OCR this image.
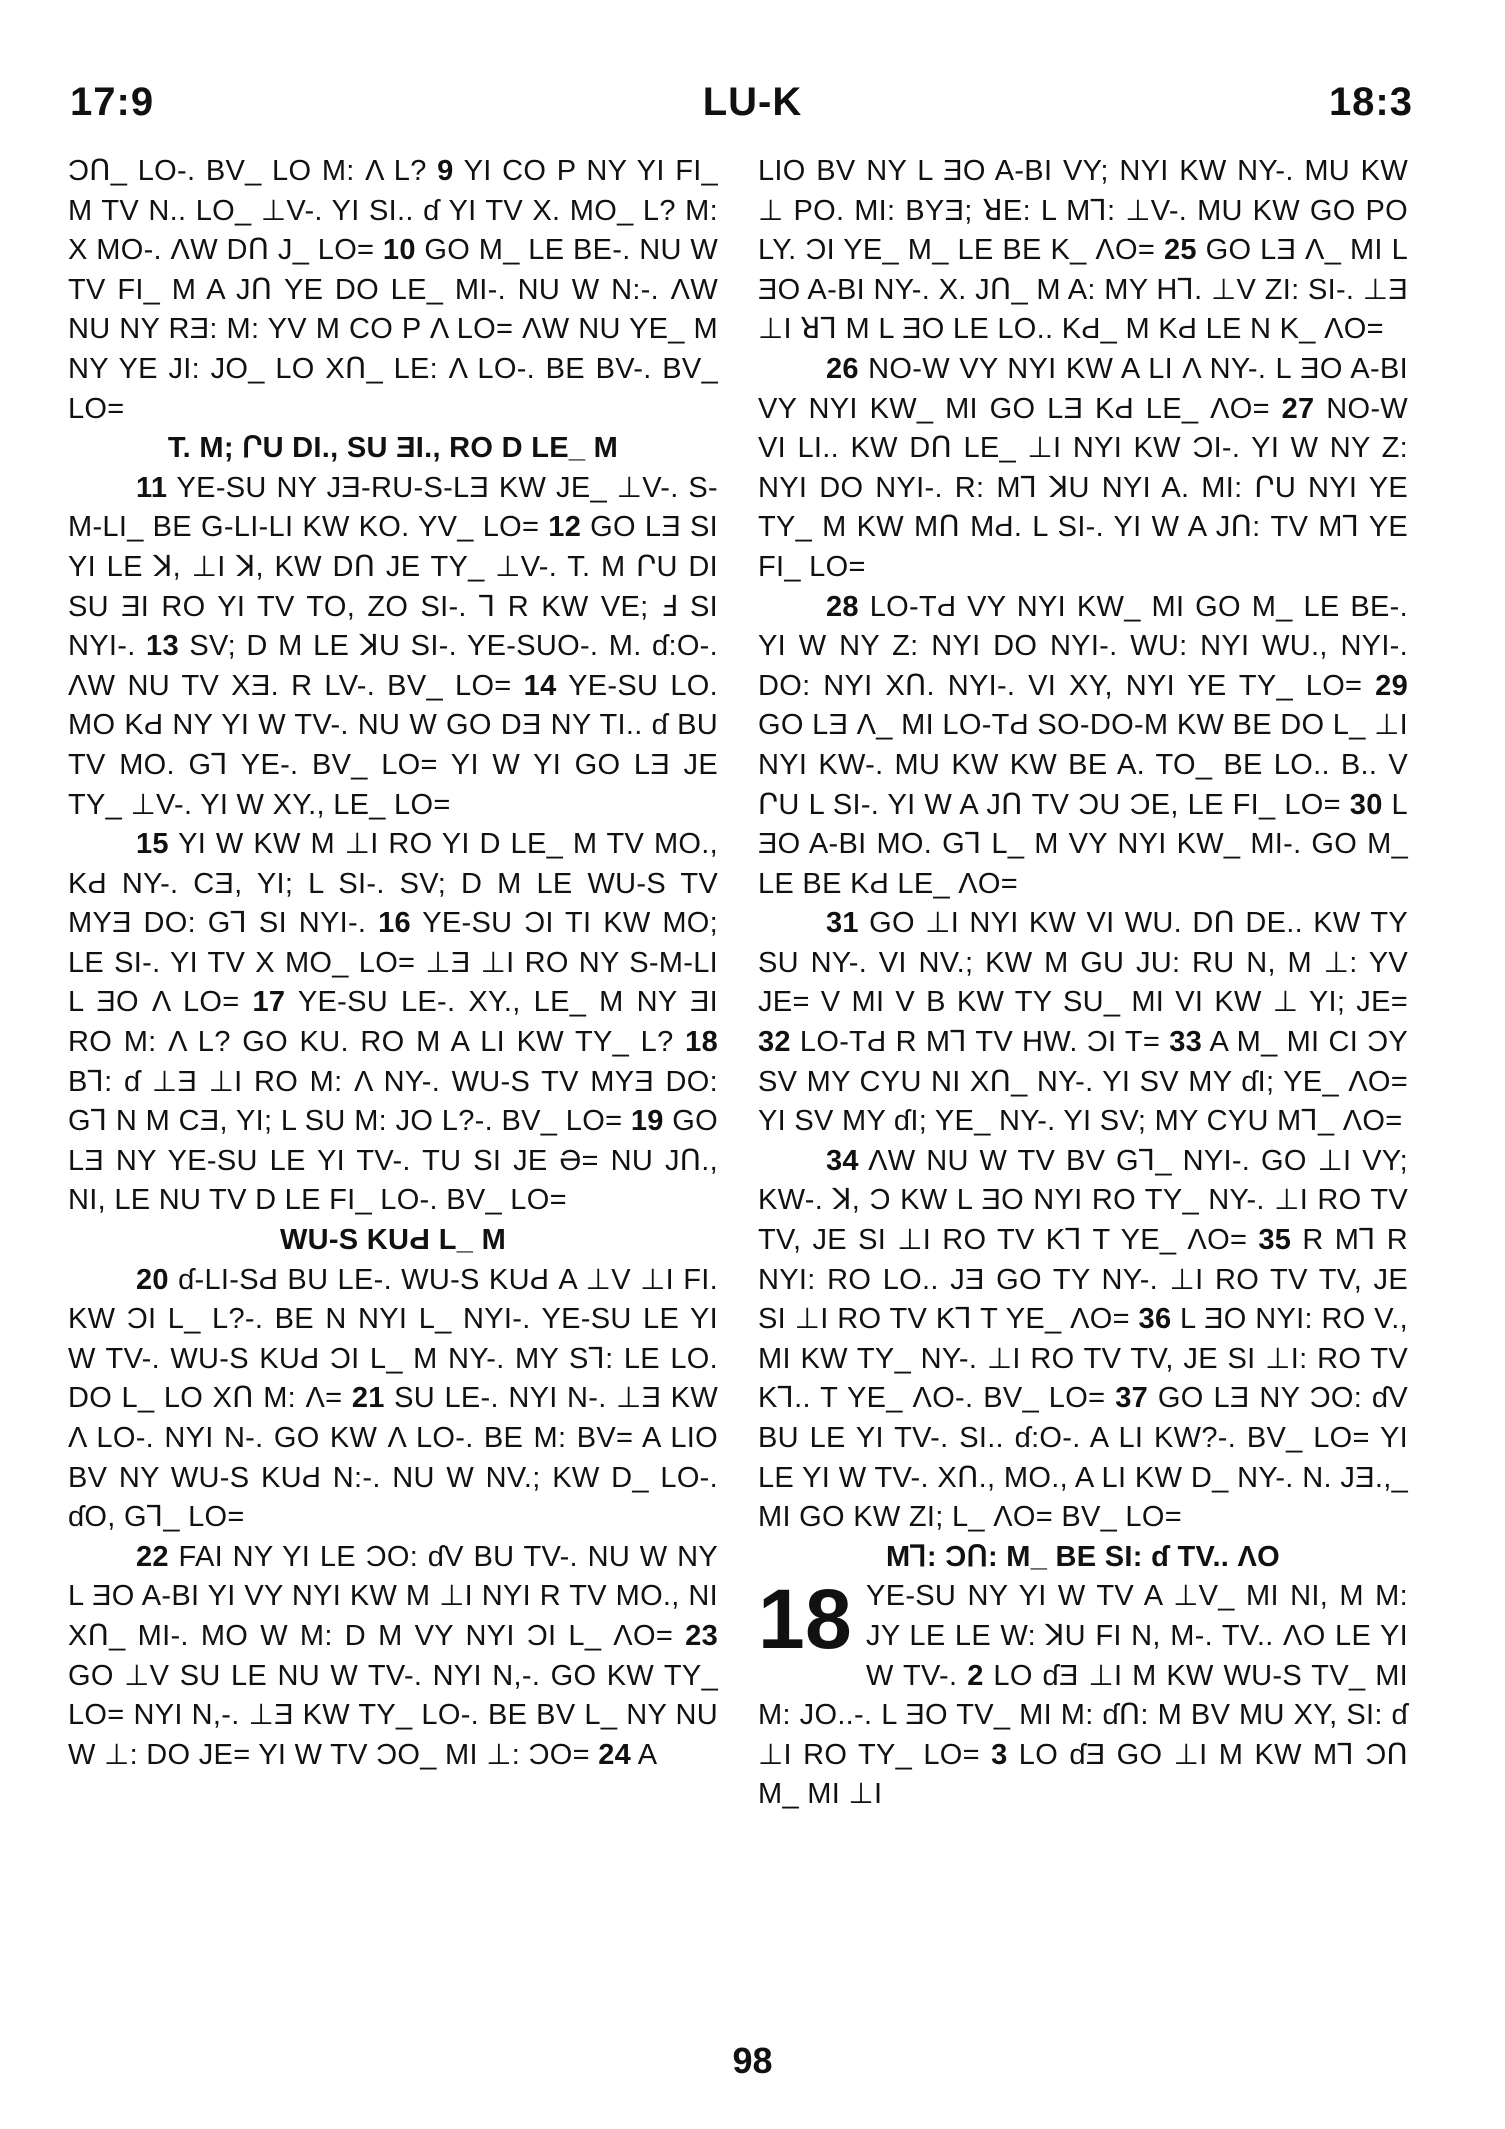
17:9	LU-K	18:3

ƆՈ_ LO-. BV_ LO M: Λ L? 9 YI CO P NY YI FI_ M TV N.. LO_ ⊥V-. YI SI.. ɗ YI TV X. MO_ L? M: X MO-. ΛW DՈ J_ LO= 10 GO M_ LE BE-. NU W TV FI_ M A JՈ YE DO LE_ MI-. NU W N:-. ΛW NU NY RƎ: M: YV M CO P Λ LO= ΛW NU YE_ M NY YE JI: JO_ LO XՈ_ LE: Λ LO-. BE BV-. BV_ LO=

T. M; ՐU DI., SU ƎI., RO D LE_ M

11 YE-SU NY JƎ-RU-S-LƎ KW JE_ ⊥V-. S-M-LI_ BE G-LI-LI KW KO. YV_ LO= 12 GO LƎ SI YI LE ꓘ, ⊥I ꓘ, KW DՈ JE TY_ ⊥V-. T. M ՐU DI SU ƎI RO YI TV TO, ZO SI-. Ꞁ R KW VE; Ⅎ SI NYI-. 13 SV; D M LE ꓘU SI-. YE-SUO-. M. ɗ:O-. ΛW NU TV XƎ. R LV-. BV_ LO= 14 YE-SU LO. MO KԀ NY YI W TV-. NU W GO DƎ NY TI.. ɗ BU TV MO. GꞀ YE-. BV_ LO= YI W YI GO LƎ JE TY_ ⊥V-. YI W XY., LE_ LO=

15 YI W KW M ⊥I RO YI D LE_ M TV MO., KԀ NY-. CƎ, YI; L SI-. SV; D M LE WU-S TV MYƎ DO: GꞀ SI NYI-. 16 YE-SU ƆI TI KW MO; LE SI-. YI TV X MO_ LO= ⊥Ǝ ⊥I RO NY S-M-LI L ƎO Λ LO= 17 YE-SU LE-. XY., LE_ M NY ƎI RO M: Λ L? GO KU. RO M A LI KW TY_ L? 18 BꞀ: ɗ ⊥Ǝ ⊥I RO M: Λ NY-. WU-S TV MYƎ DO: GꞀ N M CƎ, YI; L SU M: JO L?-. BV_ LO= 19 GO LƎ NY YE-SU LE YI TV-. TU SI JE Ә= NU JՈ., NI, LE NU TV D LE FI_ LO-. BV_ LO=

WU-S KUԀ L_ M

20 ɗ-LI-SԀ BU LE-. WU-S KUԀ A ⊥V ⊥I FI. KW ƆI L_ L?-. BE N NYI L_ NYI-. YE-SU LE YI W TV-. WU-S KUԀ ƆI L_ M NY-. MY SꞀ: LE LO. DO L_ LO XՈ M: Λ= 21 SU LE-. NYI N-. ⊥Ǝ KW Λ LO-. NYI N-. GO KW Λ LO-. BE M: BV= A LIO BV NY WU-S KUԀ N:-. NU W NV.; KW D_ LO-. ɗO, GꞀ_ LO=

22 FAI NY YI LE ƆO: ɗV BU TV-. NU W NY L ƎO A-BI YI VY NYI KW M ⊥I NYI R TV MO., NI XՈ_ MI-. MO W M: D M VY NYI ƆI L_ ΛO= 23 GO ⊥V SU LE NU W TV-. NYI N,-. GO KW TY_ LO= NYI N,-. ⊥Ǝ KW TY_ LO-. BE BV L_ NY NU W ⊥: DO JE= YI W TV ƆO_ MI ⊥: ƆO= 24 A

LIO BV NY L ƎO A-BI VY; NYI KW NY-. MU KW ⊥ PO. MI: BYƎ; ꓤE: L MꞀ: ⊥V-. MU KW GO PO LY. ƆI YE_ M_ LE BE K_ ΛO= 25 GO LƎ Λ_ MI L ƎO A-BI NY-. X. JՈ_ M A: MY HꞀ. ⊥V ZI: SI-. ⊥Ǝ ⊥I ꓤꞀ M L ƎO LE LO.. KԀ_ M KԀ LE N K_ ΛO=

26 NO-W VY NYI KW A LI Λ NY-. L ƎO A-BI VY NYI KW_ MI GO LƎ KԀ LE_ ΛO= 27 NO-W VI LI.. KW DՈ LE_ ⊥I NYI KW ƆI-. YI W NY Z: NYI DO NYI-. R: MꞀ ꓘU NYI A. MI: ՐU NYI YE TY_ M KW MՈ MԀ. L SI-. YI W A JՈ: TV MꞀ YE FI_ LO=

28 LO-TԀ VY NYI KW_ MI GO M_ LE BE-. YI W NY Z: NYI DO NYI-. WU: NYI WU., NYI-. DO: NYI XՈ. NYI-. VI XY, NYI YE TY_ LO= 29 GO LƎ Λ_ MI LO-TԀ SO-DO-M KW BE DO L_ ⊥I NYI KW-. MU KW KW BE A. TO_ BE LO.. B.. V ՐU L SI-. YI W A JՈ TV ƆU ƆE, LE FI_ LO= 30 L ƎO A-BI MO. GꞀ L_ M VY NYI KW_ MI-. GO M_ LE BE KԀ LE_ ΛO=

31 GO ⊥I NYI KW VI WU. DՈ DE.. KW TY SU NY-. VI NV.; KW M GU JU: RU N, M ⊥: YV JE= V MI V B KW TY SU_ MI VI KW ⊥ YI; JE= 32 LO-TԀ R MꞀ TV HW. ƆI T= 33 A M_ MI CI ƆY SV MY CYU NI XՈ_ NY-. YI SV MY ɗI; YE_ ΛO= YI SV MY ɗI; YE_ NY-. YI SV; MY CYU MꞀ_ ΛO=

34 ΛW NU W TV BV GꞀ_ NYI-. GO ⊥I VY; KW-. ꓘ, Ɔ KW L ƎO NYI RO TY_ NY-. ⊥I RO TV TV, JE SI ⊥I RO TV KꞀ T YE_ ΛO= 35 R MꞀ R NYI: RO LO.. JƎ GO TY NY-. ⊥I RO TV TV, JE SI ⊥I RO TV KꞀ T YE_ ΛO= 36 L ƎO NYI: RO V., MI KW TY_ NY-. ⊥I RO TV TV, JE SI ⊥I: RO TV KꞀ.. T YE_ ΛO-. BV_ LO= 37 GO LƎ NY ƆO: ɗV BU LE YI TV-. SI.. ɗ:O-. A LI KW?-. BV_ LO= YI LE YI W TV-. XՈ., MO., A LI KW D_ NY-. N. JƎ.,_ MI GO KW ZI; L_ ΛO= BV_ LO=

MꞀ: ƆՈ: M_ BE SI: ɗ TV.. ΛO

18 YE-SU NY YI W TV A ⊥V_ MI NI, M M: JY LE LE W: ꓘU FI N, M-. TV.. ΛO LE YI W TV-. 2 LO ɗƎ ⊥I M KW WU-S TV_ MI M: JO..-. L ƎO TV_ MI M: ɗՈ: M BV MU XY, SI: ɗ ⊥I RO TY_ LO= 3 LO ɗƎ GO ⊥I M KW MꞀ ƆՈ M_ MI ⊥I

98
